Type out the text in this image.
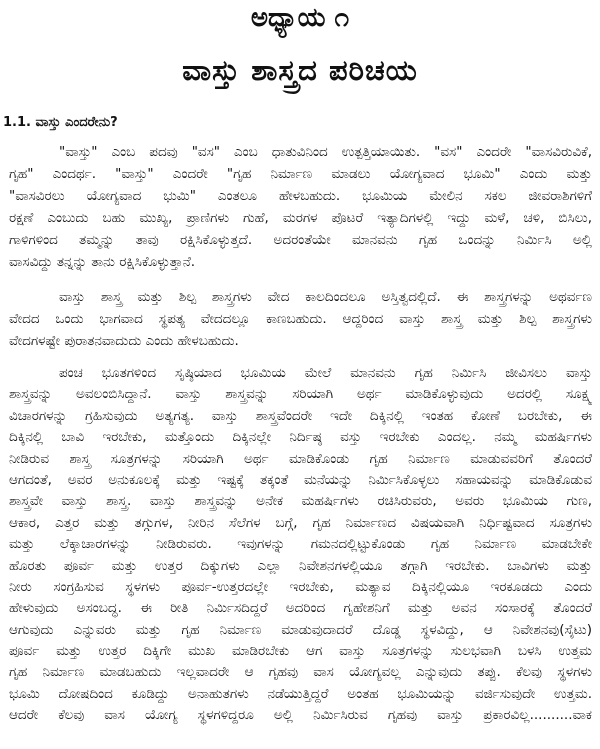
ಅಧ್ಯಾಯ ೧
ವಾಸ್ತು ಶಾಸ್ತ್ರದ ಪರಿಚಯ
1.1. ವಾಸ್ತು ಎಂದರೇನು?
"ವಾಸ್ತು" ಎಂಬ ಪದವು "ವಸ" ಎಂಬ ಧಾತುವಿನಿಂದ ಉತ್ಪತ್ತಿಯಾಯಿತು. "ವಸ" ಎಂದರೇ "ವಾಸವಿರುವಿಕೆ,
ಗೃಹ" ಎಂದರ್ಥ. "ವಾಸ್ತು" ಎಂದರೇ "ಗೃಹ ನಿರ್ಮಾಣ ಮಾಡಲು ಯೋಗ್ಯವಾದ ಭೂಮಿ" ಎಂದು ಮತ್ತು
"ವಾಸವಿರಲು ಯೋಗ್ಯವಾದ ಭುಮಿ" ಎಂತಲೂ ಹೇಳಬಹುದು. ಭೂಮಿಯ ಮೇಲಿನ ಸಕಲ ಜೀವರಾಶಿಗಳಿಗೆ
ರಕ್ಷಣೆ ಎಂಬುದು ಬಹು ಮುಖ್ಯ, ಪ್ರಾಣಿಗಳು ಗುಹೆ, ಮರಗಳ ಪೊಟರೆ ಇತ್ಯಾದಿಗಳಲ್ಲಿ ಇದ್ದು ಮಳೆ, ಚಳಿ, ಬಿಸಿಲು,
ಗಾಳಿಗಳಿಂದ ತಮ್ಮನ್ನು ತಾವು ರಕ್ಷಿಸಿಕೊಳ್ಳುತ್ತದೆ. ಅದರಂತೆಯೇ ಮಾನವನು ಗೃಹ ಒಂದನ್ನು ನಿರ್ಮಿಸಿ ಅಲ್ಲಿ
ವಾಸವಿದ್ದು ತನ್ನನ್ನು ತಾನು ರಕ್ಷಿಸಿಕೊಳ್ಳುತ್ತಾನೆ.
ವಾಸ್ತು ಶಾಸ್ತ್ರ ಮತ್ತು ಶಿಲ್ಪ ಶಾಸ್ತ್ರಗಳು ವೇದ ಕಾಲದಿಂದಲೂ ಅಸ್ತಿತ್ವದಲ್ಲಿದೆ. ಈ ಶಾಸ್ತ್ರಗಳನ್ನು ಅಥರ್ವಣ
ವೇದದ ಒಂದು ಭಾಗವಾದ ಸ್ಥಪತ್ಯ ವೇದದಲ್ಲೂ ಕಾಣಬಹುದು. ಆದ್ದರಿಂದ ವಾಸ್ತು ಶಾಸ್ತ್ರ ಮತ್ತು ಶಿಲ್ಪ ಶಾಸ್ತ್ರಗಳು
ವೇದಗಳಷ್ಟೇ ಪುರಾತನವಾದುದು ಎಂದು ಹೇಳಬಹುದು.
ಪಂಚ ಭೂತಗಳಿಂದ ಸೃಷ್ಠಿಯಾದ ಭೂಮಿಯ ಮೇಲೆ ಮಾನವನು ಗೃಹ ನಿರ್ಮಿಸಿ ಜೀವಿಸಲು ವಾಸ್ತು
ಶಾಸ್ತ್ರವನ್ನು ಅವಲಂಬಿಸಿದ್ದಾನೆ. ವಾಸ್ತು ಶಾಸ್ತ್ರವನ್ನು ಸರಿಯಾಗಿ ಅರ್ಥ ಮಾಡಿಕೊಳ್ಳುವುದು ಅದರಲ್ಲಿ ಸೂಕ್ಷ್ಮ
ವಿಚಾರಗಳನ್ನು ಗ್ರಹಿಸುವುದು ಅತ್ಯಗತ್ಯ. ವಾಸ್ತು ಶಾಸ್ತ್ರವೆಂದರೇ ಇದೇ ದಿಕ್ಕಿನಲ್ಲಿ ಇಂತಹ ಕೋಣೆ ಬರಬೇಕು, ಈ
ದಿಕ್ಕಿನಲ್ಲಿ ಬಾವಿ ಇರಬೇಕು, ಮತ್ತೊಂದು ದಿಕ್ಕಿನಲ್ಲೇ ನಿರ್ದಿಷ್ಠ ವಸ್ತು ಇರಬೇಕು ಎಂದಲ್ಲ. ನಮ್ಮ ಮಹರ್ಷಿಗಳು
ನೀಡಿರುವ ಶಾಸ್ತ್ರ ಸೂತ್ರಗಳನ್ನು ಸರಿಯಾಗಿ ಅರ್ಥ ಮಾಡಿಕೊಂಡು ಗೃಹ ನಿರ್ಮಾಣ ಮಾಡುವವರಿಗೆ ತೊಂದರೆ
ಆಗದಂತೆ, ಅವರ ಅನುಕೂಲಕ್ಕೆ ಮತ್ತು ಇಷ್ಟಕ್ಕೆ ತಕ್ಕಂತೆ ಮನೆಯನ್ನು ನಿರ್ಮಿಸಿಕೊಳ್ಳಲು ಸಹಾಯವನ್ನು ಮಾಡಿಕೊಡುವ
ಶಾಸ್ತ್ರವೇ ವಾಸ್ತು ಶಾಸ್ತ್ರ. ವಾಸ್ತು ಶಾಸ್ತ್ರವನ್ನು ಅನೇಕ ಮಹರ್ಷಿಗಳು ರಚಿಸಿರುವರು, ಅವರು ಭೂಮಿಯ ಗುಣ,
ಆಕಾರ, ಎತ್ತರ ಮತ್ತು ತಗ್ಗುಗಳ, ನೀರಿನ ಸೆಲೆಗಳ ಬಗ್ಗೆ, ಗೃಹ ನಿರ್ಮಾಣದ ವಿಷಯವಾಗಿ ನಿರ್ಧಿಷ್ಟವಾದ ಸೂತ್ರಗಳು
ಮತ್ತು ಲೆಕ್ಕಾಚಾರಗಳನ್ನು ನೀಡಿರುವರು. ಇವುಗಳನ್ನು ಗಮನದಲ್ಲಿಟ್ಟುಕೊಂಡು ಗೃಹ ನಿರ್ಮಾಣ ಮಾಡಬೇಕೇ
ಹೊರತು ಪೂರ್ವ ಮತ್ತು ಉತ್ತರ ದಿಕ್ಕುಗಳು ಎಲ್ಲಾ ನಿವೇಶನಗಳಲ್ಲಿಯೂ ತಗ್ಗಾಗಿ ಇರಬೇಕು. ಬಾವಿಗಳು ಮತ್ತು
ನೀರು ಸಂಗ್ರಹಿಸುವ ಸ್ಥಳಗಳು ಪೂರ್ವ-ಉತ್ತರದಲ್ಲೇ ಇರಬೇಕು, ಮತ್ಯಾವ ದಿಕ್ಕಿನಲ್ಲಿಯೂ ಇರಕೂಡದು ಎಂದು
ಹೇಳುವುದು ಅಸಂಬದ್ಧ. ಈ ರೀತಿ ನಿರ್ಮಿಸದಿದ್ದರೆ ಅದರಿಂದ ಗೃಹೇಶನಿಗೆ ಮತ್ತು ಅವನ ಸಂಸಾರಕ್ಕೆ ತೊಂದರೆ
ಆಗುವುದು ಎನ್ನುವರು ಮತ್ತು ಗೃಹ ನಿರ್ಮಾಣ ಮಾಡುವುದಾದರೆ ದೊಡ್ಡ ಸ್ಥಳವಿದ್ದು, ಆ ನಿವೇಶನವು(ಸೈಟು)
ಪೂರ್ವ ಮತ್ತು ಉತ್ತರ ದಿಕ್ಕಿಗೇ ಮುಖ ಮಾಡಿರಬೇಕು ಆಗ ವಾಸ್ತು ಸೂತ್ರಗಳನ್ನು ಸುಲಭವಾಗಿ ಬಳಸಿ ಉತ್ತಮ
ಗೃಹ ನಿರ್ಮಾಣ ಮಾಡಬಹುದು ಇಲ್ಲವಾದರೇ ಆ ಗೃಹವು ವಾಸ ಯೋಗ್ಯವಲ್ಲ ಎನ್ನುವುದು ತಪ್ಪು. ಕೆಲವು ಸ್ಥಳಗಳು
ಭೂಮಿ ದೋಷದಿಂದ ಕೂಡಿದ್ದು ಅನಾಹುತಗಳು ನಡೆಯುತ್ತಿದ್ದರೆ ಅಂತಹ ಭೂಮಿಯನ್ನು ವರ್ಜಿಸುವುದೇ ಉತ್ತಮ.
ಆದರೇ ಕೆಲವು ವಾಸ ಯೋಗ್ಯ ಸ್ಥಳಗಳಿದ್ದರೂ ಅಲ್ಲಿ ನಿರ್ಮಿಸಿರುವ ಗೃಹವು ವಾಸ್ತು ಪ್ರಕಾರವಿಲ್ಲ..........ವಾಕ
